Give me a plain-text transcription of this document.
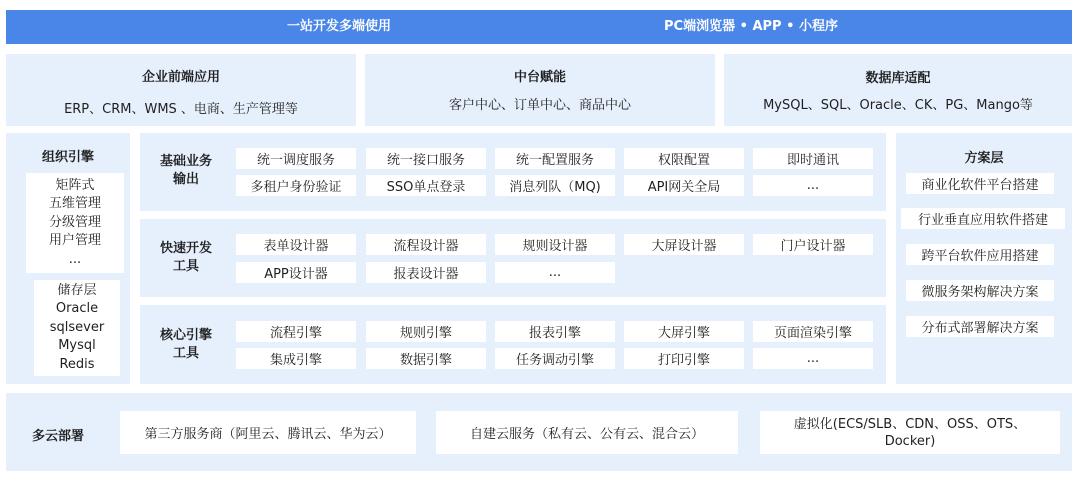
一站开发多端使用	PC端浏览器 • APP • 小程序
企业前端应用
ERP、CRM、WMS 、电商、生产管理等
中台赋能
客户中心、订单中心、商品中心
数据库适配
MySQL、SQL、Oracle、CK、PG、Mango等
组织引擎
矩阵式
五维管理
分级管理
用户管理
...
储存层
Oracle
sqlsever
Mysql
Redis
基础业务
输出
统一调度服务	统一接口服务	统一配置服务	权限配置	即时通讯
多租户身份验证	SSO单点登录	消息列队（MQ)	API网关全局	...
快速开发
工具
表单设计器	流程设计器	规则设计器	大屏设计器	门户设计器
APP设计器	报表设计器	...
核心引擎
工具
流程引擎	规则引擎	报表引擎	大屏引擎	页面渲染引擎
集成引擎	数据引擎	任务调动引擎	打印引擎	...
方案层
商业化软件平台搭建
行业垂直应用软件搭建
跨平台软件应用搭建
微服务架构解决方案
分布式部署解决方案
多云部署	第三方服务商（阿里云、腾讯云、华为云）	自建云服务（私有云、公有云、混合云）
虚拟化(ECS/SLB、CDN、OSS、OTS、
Docker)
